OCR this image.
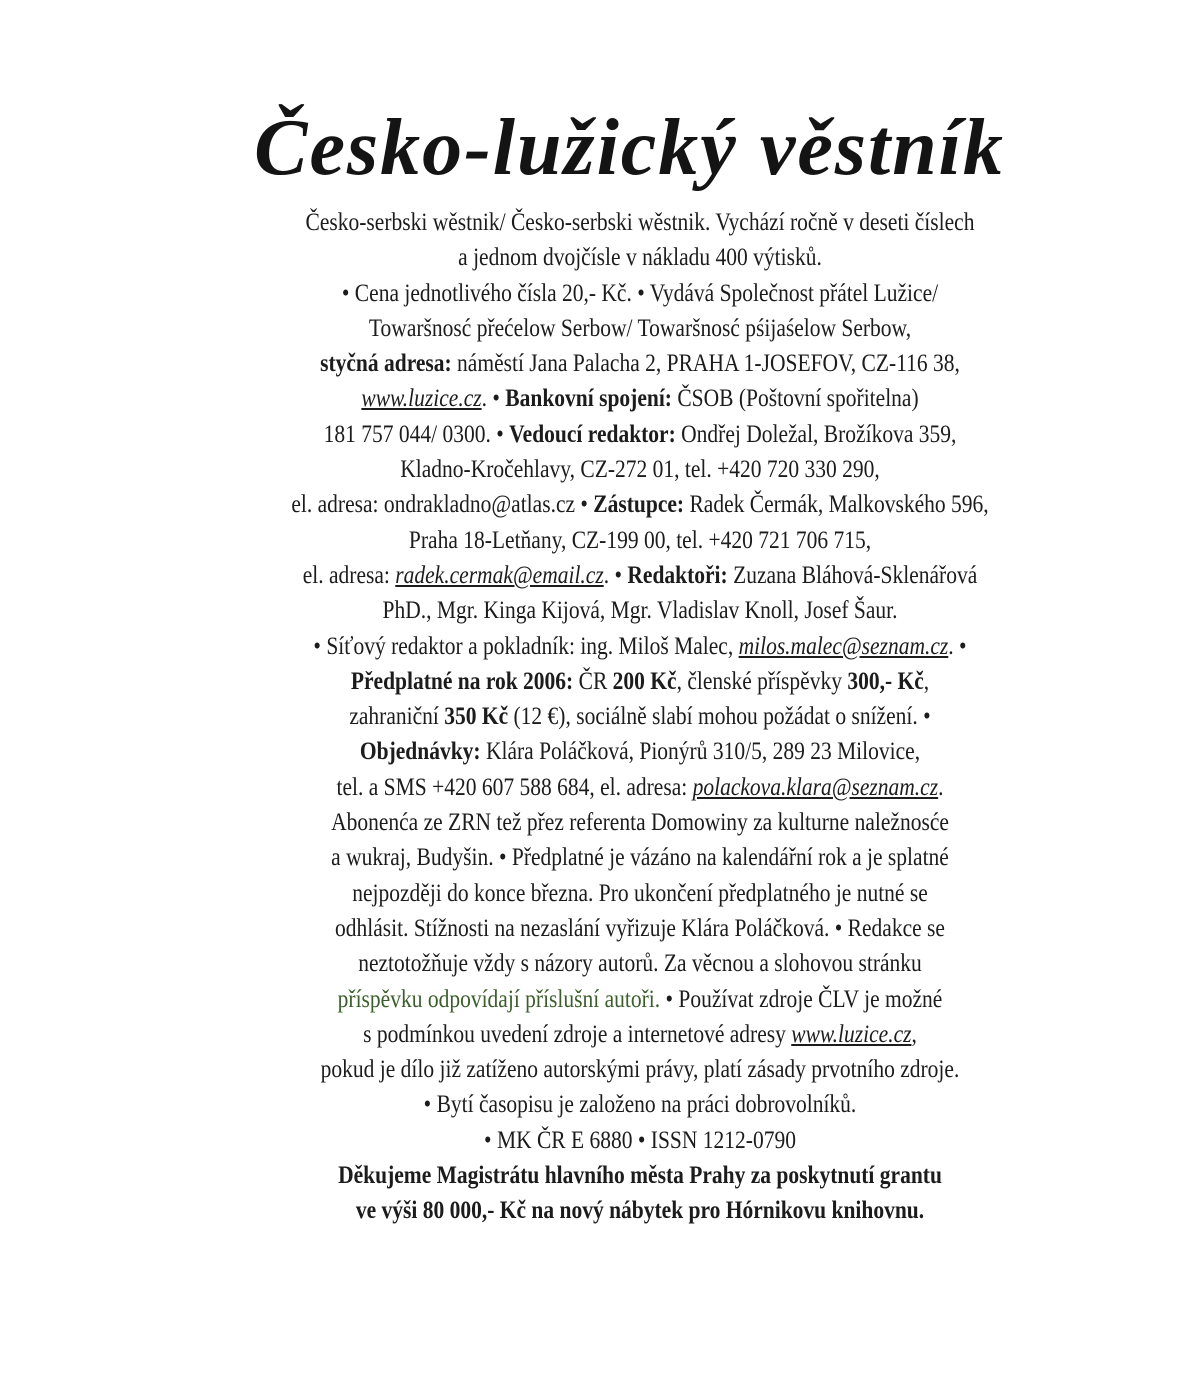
Česko-lužický věstník
Česko-serbski wěstnik/ Česko-serbski wěstnik. Vychází ročně v deseti číslech
a jednom dvojčísle v nákladu 400 výtisků.
• Cena jednotlivého čísla 20,- Kč. • Vydává Společnost přátel Lužice/
Towaršnosć přećelow Serbow/ Towaršnosć pśijaśelow Serbow,
styčná adresa: náměstí Jana Palacha 2, PRAHA 1-JOSEFOV, CZ-116 38,
www.luzice.cz. • Bankovní spojení: ČSOB (Poštovní spořitelna)
181 757 044/ 0300. • Vedoucí redaktor: Ondřej Doležal, Brožíkova 359,
Kladno-Kročehlavy, CZ-272 01, tel. +420 720 330 290,
el. adresa: ondrakladno@atlas.cz • Zástupce: Radek Čermák, Malkovského 596,
Praha 18-Letňany, CZ-199 00, tel. +420 721 706 715,
el. adresa: radek.cermak@email.cz. • Redaktoři: Zuzana Bláhová-Sklenářová
PhD., Mgr. Kinga Kijová, Mgr. Vladislav Knoll, Josef Šaur.
• Síťový redaktor a pokladník: ing. Miloš Malec, milos.malec@seznam.cz. •
Předplatné na rok 2006: ČR 200 Kč, členské příspěvky 300,- Kč,
zahraniční 350 Kč (12 €), sociálně slabí mohou požádat o snížení. •
Objednávky: Klára Poláčková, Pionýrů 310/5, 289 23 Milovice,
tel. a SMS +420 607 588 684, el. adresa: polackova.klara@seznam.cz.
Abonenća ze ZRN tež přez referenta Domowiny za kulturne naležnosće
a wukraj, Budyšin. • Předplatné je vázáno na kalendářní rok a je splatné
nejpozději do konce března. Pro ukončení předplatného je nutné se
odhlásit. Stížnosti na nezaslání vyřizuje Klára Poláčková. • Redakce se
neztotožňuje vždy s názory autorů. Za věcnou a slohovou stránku
příspěvku odpovídají příslušní autoři. • Používat zdroje ČLV je možné
s podmínkou uvedení zdroje a internetové adresy www.luzice.cz,
pokud je dílo již zatíženo autorskými právy, platí zásady prvotního zdroje.
• Bytí časopisu je založeno na práci dobrovolníků.
• MK ČR E 6880 • ISSN 1212-0790
Děkujeme Magistrátu hlavního města Prahy za poskytnutí grantu
ve výši 80 000,- Kč na nový nábytek pro Hórnikovu knihovnu.
